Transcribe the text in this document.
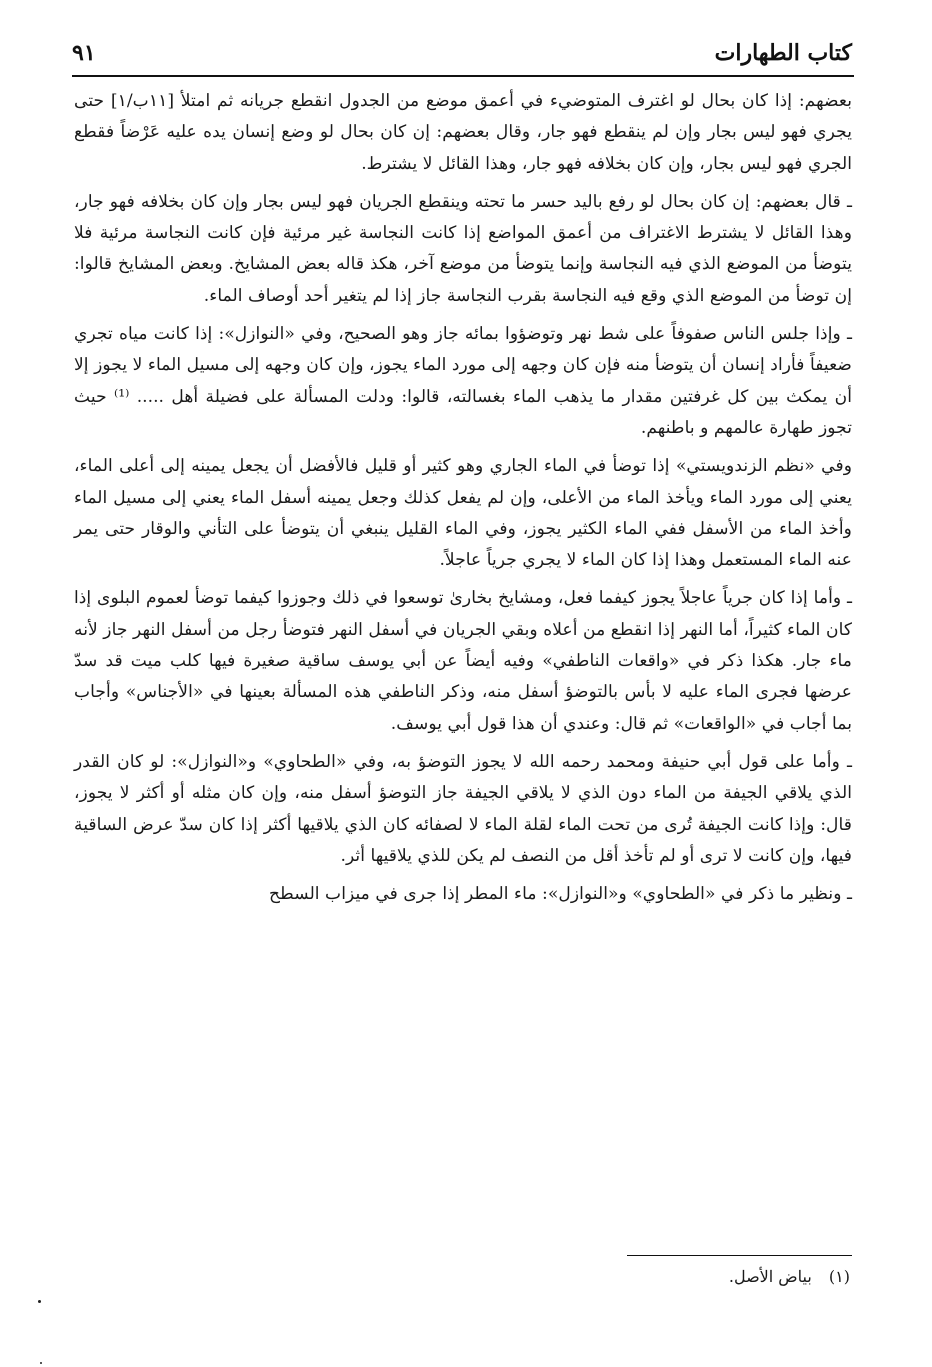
كتاب الطهارات
٩١

بعضهم: إذا كان بحال لو اغترف المتوضيء في أعمق موضع من الجدول انقطع جريانه ثم امتلأ [١١ب/١] حتى يجري فهو ليس بجار وإن لم ينقطع فهو جار، وقال بعضهم: إن كان بحال لو وضع إنسان يده عليه عَرْضاً فقطع الجري فهو ليس بجار، وإن كان بخلافه فهو جار، وهذا القائل لا يشترط.

ـ قال بعضهم: إن كان بحال لو رفع باليد حسر ما تحته وينقطع الجريان فهو ليس بجار وإن كان بخلافه فهو جار، وهذا القائل لا يشترط الاغتراف من أعمق المواضع إذا كانت النجاسة غير مرئية فإن كانت النجاسة مرئية فلا يتوضأ من الموضع الذي فيه النجاسة وإنما يتوضأ من موضع آخر، هكذ قاله بعض المشايخ. وبعض المشايخ قالوا: إن توضأ من الموضع الذي وقع فيه النجاسة بقرب النجاسة جاز إذا لم يتغير أحد أوصاف الماء.

ـ وإذا جلس الناس صفوفاً على شط نهر وتوضؤوا بمائه جاز وهو الصحيح، وفي «النوازل»: إذا كانت مياه تجري ضعيفاً فأراد إنسان أن يتوضأ منه فإن كان وجهه إلى مورد الماء يجوز، وإن كان وجهه إلى مسيل الماء لا يجوز إلا أن يمكث بين كل غرفتين مقدار ما يذهب الماء بغسالته، قالوا: ودلت المسألة على فضيلة أهل ..... ⁽¹⁾ حيث تجوز طهارة عالمهم و باطنهم.

وفي «نظم الزندويستي» إذا توضأ في الماء الجاري وهو كثير أو قليل فالأفضل أن يجعل يمينه إلى أعلى الماء، يعني إلى مورد الماء ويأخذ الماء من الأعلى، وإن لم يفعل كذلك وجعل يمينه أسفل الماء يعني إلى مسيل الماء وأخذ الماء من الأسفل ففي الماء الكثير يجوز، وفي الماء القليل ينبغي أن يتوضأ على التأني والوقار حتى يمر عنه الماء المستعمل وهذا إذا كان الماء لا يجري جرياً عاجلاً.

ـ وأما إذا كان جرياً عاجلاً يجوز كيفما فعل، ومشايخ بخارىٰ توسعوا في ذلك وجوزوا كيفما توضأ لعموم البلوى إذا كان الماء كثيراً، أما النهر إذا انقطع من أعلاه وبقي الجريان في أسفل النهر فتوضأ رجل من أسفل النهر جاز لأنه ماء جار. هكذا ذكر في «واقعات الناطفي» وفيه أيضاً عن أبي يوسف ساقية صغيرة فيها كلب ميت قد سدّ عرضها فجرى الماء عليه لا بأس بالتوضؤ أسفل منه، وذكر الناطفي هذه المسألة بعينها في «الأجناس» وأجاب بما أجاب في «الواقعات» ثم قال: وعندي أن هذا قول أبي يوسف.

ـ وأما على قول أبي حنيفة ومحمد رحمه الله لا يجوز التوضؤ به، وفي «الطحاوي» و«النوازل»: لو كان القدر الذي يلاقي الجيفة من الماء دون الذي لا يلاقي الجيفة جاز التوضؤ أسفل منه، وإن كان مثله أو أكثر لا يجوز، قال: وإذا كانت الجيفة تُرى من تحت الماء لقلة الماء لا لصفائه كان الذي يلاقيها أكثر إذا كان سدّ عرض الساقية فيها، وإن كانت لا ترى أو لم تأخذ أقل من النصف لم يكن للذي يلاقيها أثر.

ـ ونظير ما ذكر في «الطحاوي» و«النوازل»: ماء المطر إذا جرى في ميزاب السطح

(١) بياض الأصل.
